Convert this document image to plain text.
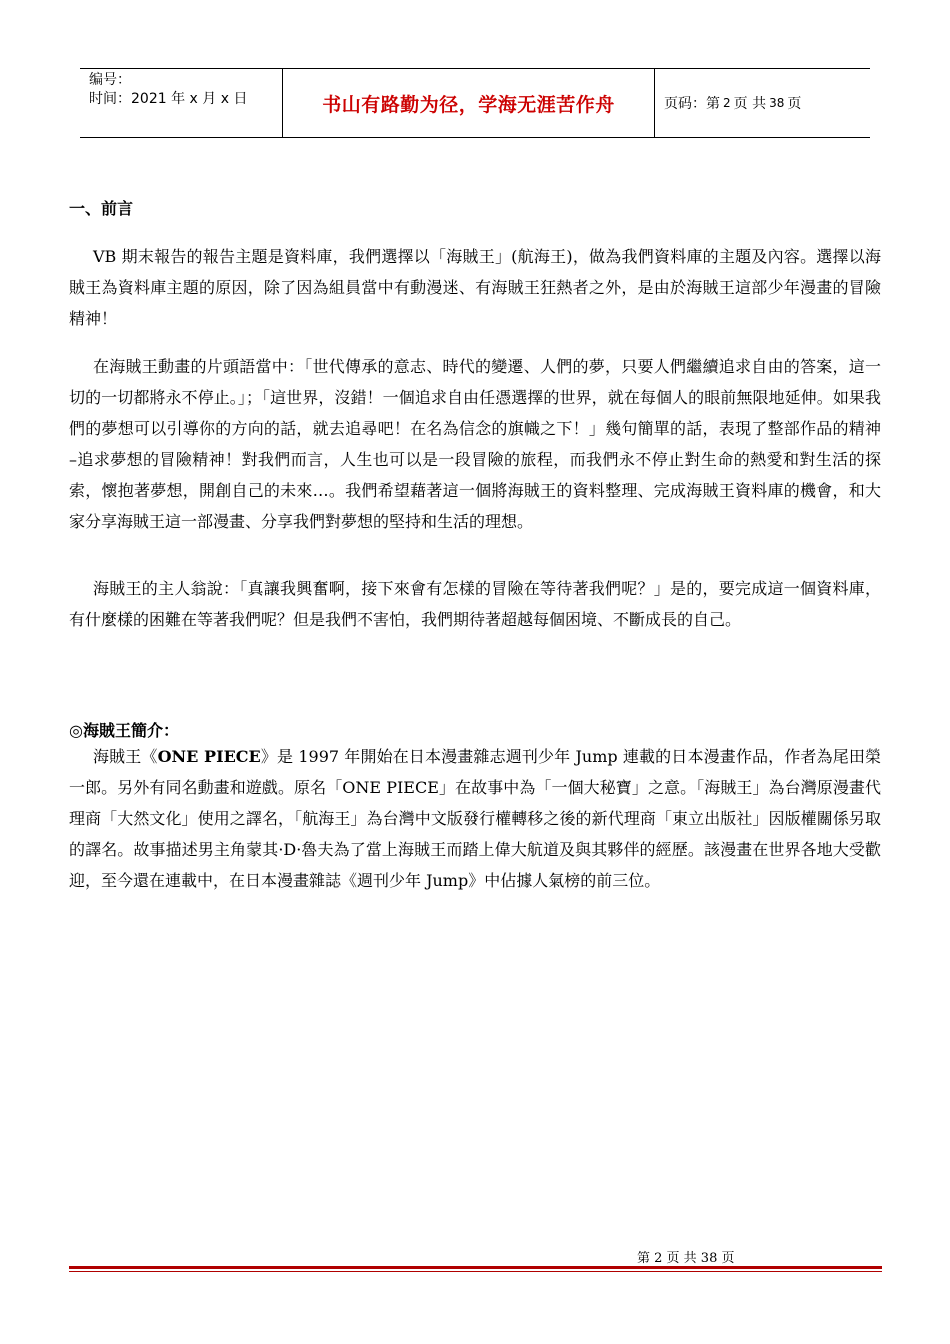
编号：
时间：2021 年 x 月 x 日	书山有路勤为径，学海无涯苦作舟	页码：第 2 页 共 38 页
一、前言

VB 期末報告的報告主題是資料庫，我們選擇以「海賊王」(航海王)，做為我們資料庫的主題及內容。選擇以海賊王為資料庫主題的原因，除了因為組員當中有動漫迷、有海賊王狂熱者之外，是由於海賊王這部少年漫畫的冒險精神！

在海賊王動畫的片頭語當中：「世代傳承的意志、時代的變遷、人們的夢，只要人們繼續追求自由的答案，這一切的一切都將永不停止。」；「這世界，沒錯！一個追求自由任憑選擇的世界，就在每個人的眼前無限地延伸。如果我們的夢想可以引導你的方向的話，就去追尋吧！在名為信念的旗幟之下！」幾句簡單的話，表現了整部作品的精神 –追求夢想的冒險精神！對我們而言，人生也可以是一段冒險的旅程，而我們永不停止對生命的熱愛和對生活的探索，懷抱著夢想，開創自己的未來…。我們希望藉著這一個將海賊王的資料整理、完成海賊王資料庫的機會，和大家分享海賊王這一部漫畫、分享我們對夢想的堅持和生活的理想。

海賊王的主人翁說：「真讓我興奮啊，接下來會有怎樣的冒險在等待著我們呢？」是的，要完成這一個資料庫，有什麼樣的困難在等著我們呢？但是我們不害怕，我們期待著超越每個困境、不斷成長的自己。

◎海賊王簡介：

海賊王《ONE PIECE》是 1997 年開始在日本漫畫雜志週刊少年 Jump 連載的日本漫畫作品，作者為尾田榮一郎。另外有同名動畫和遊戲。原名「ONE PIECE」在故事中為「一個大秘寶」之意。「海賊王」為台灣原漫畫代理商「大然文化」使用之譯名，「航海王」為台灣中文版發行權轉移之後的新代理商「東立出版社」因版權關係另取的譯名。故事描述男主角蒙其·D·魯夫為了當上海賊王而踏上偉大航道及與其夥伴的經歷。該漫畫在世界各地大受歡迎，至今還在連載中，在日本漫畫雜誌《週刊少年 Jump》中佔據人氣榜的前三位。

第 2 页 共 38 页
